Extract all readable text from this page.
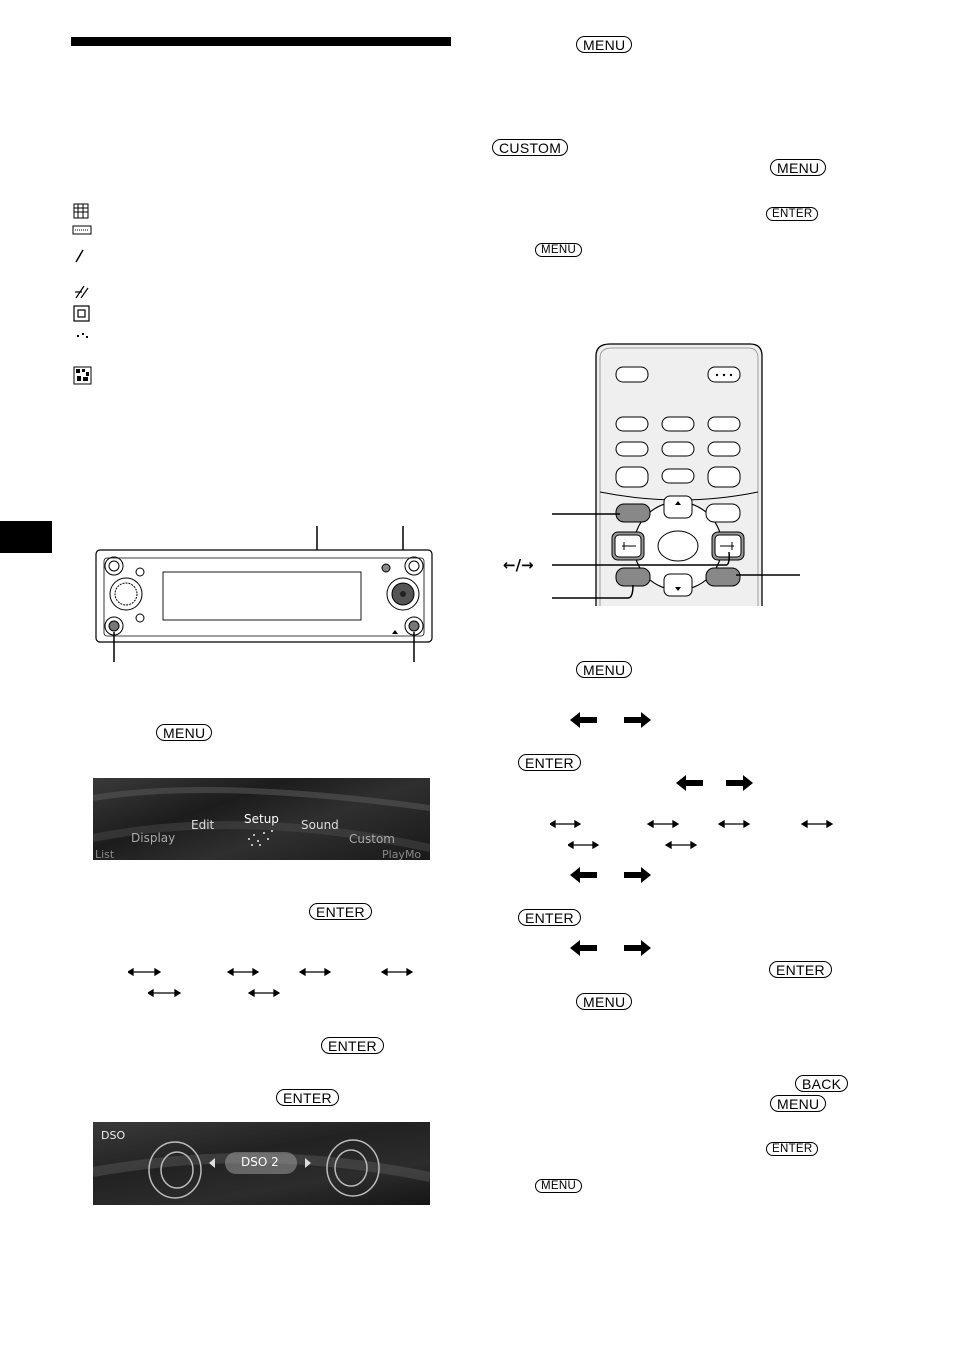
MENU
List
Display
Edit Setup Sound
Custom
PlayMo
ENTER
ENTER
ENTER
DSO
DSO 2
MENU
CUSTOM
MENU
ENTER
MENU
←/→
MENU
ENTER
ENTER
ENTER
MENU
BACK
MENU
ENTER
MENU
